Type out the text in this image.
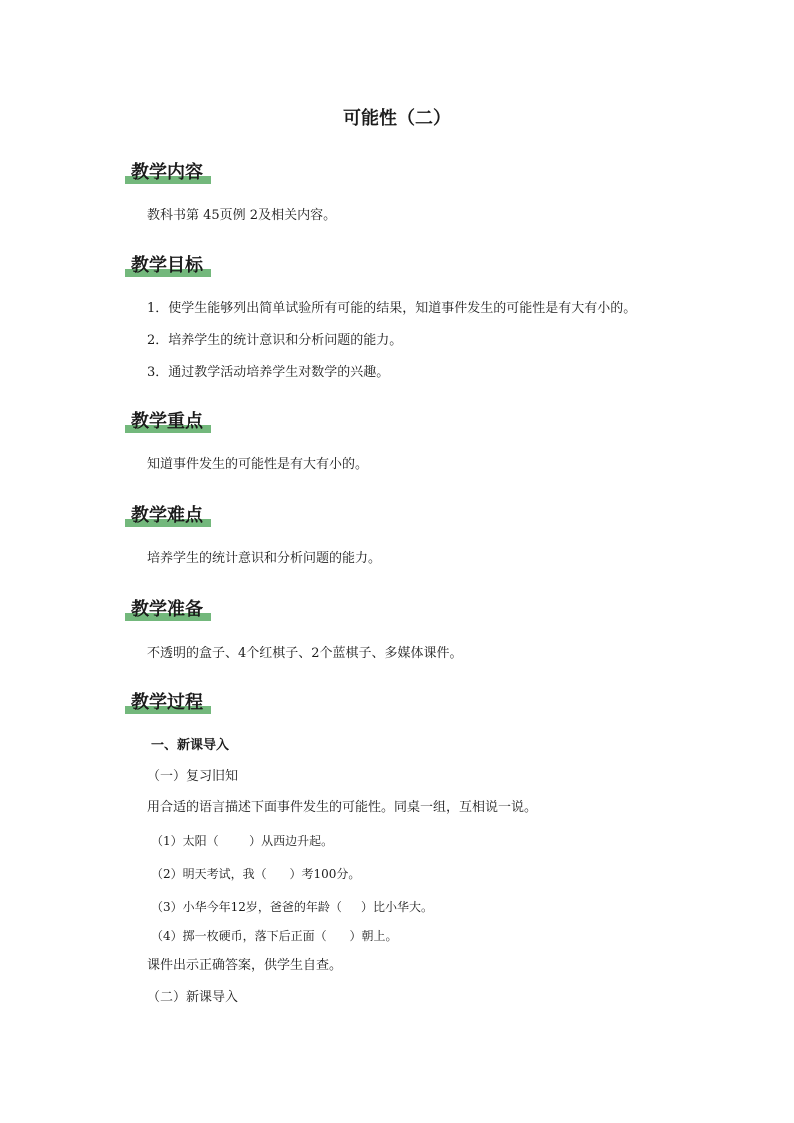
可能性（二）
教学内容
教科书第 45页例 2及相关内容。
教学目标
1．使学生能够列出简单试验所有可能的结果，知道事件发生的可能性是有大有小的。
2．培养学生的统计意识和分析问题的能力。
3．通过教学活动培养学生对数学的兴趣。
教学重点
知道事件发生的可能性是有大有小的。
教学难点
培养学生的统计意识和分析问题的能力。
教学准备
不透明的盒子、4个红棋子、2个蓝棋子、多媒体课件。
教学过程
一、新课导入
（一）复习旧知
用合适的语言描述下面事件发生的可能性。同桌一组，互相说一说。
（1）太阳（        ）从西边升起。
（2）明天考试，我（      ）考100分。
（3）小华今年12岁，爸爸的年龄（     ）比小华大。
（4）掷一枚硬币，落下后正面（      ）朝上。
课件出示正确答案，供学生自查。
（二）新课导入
